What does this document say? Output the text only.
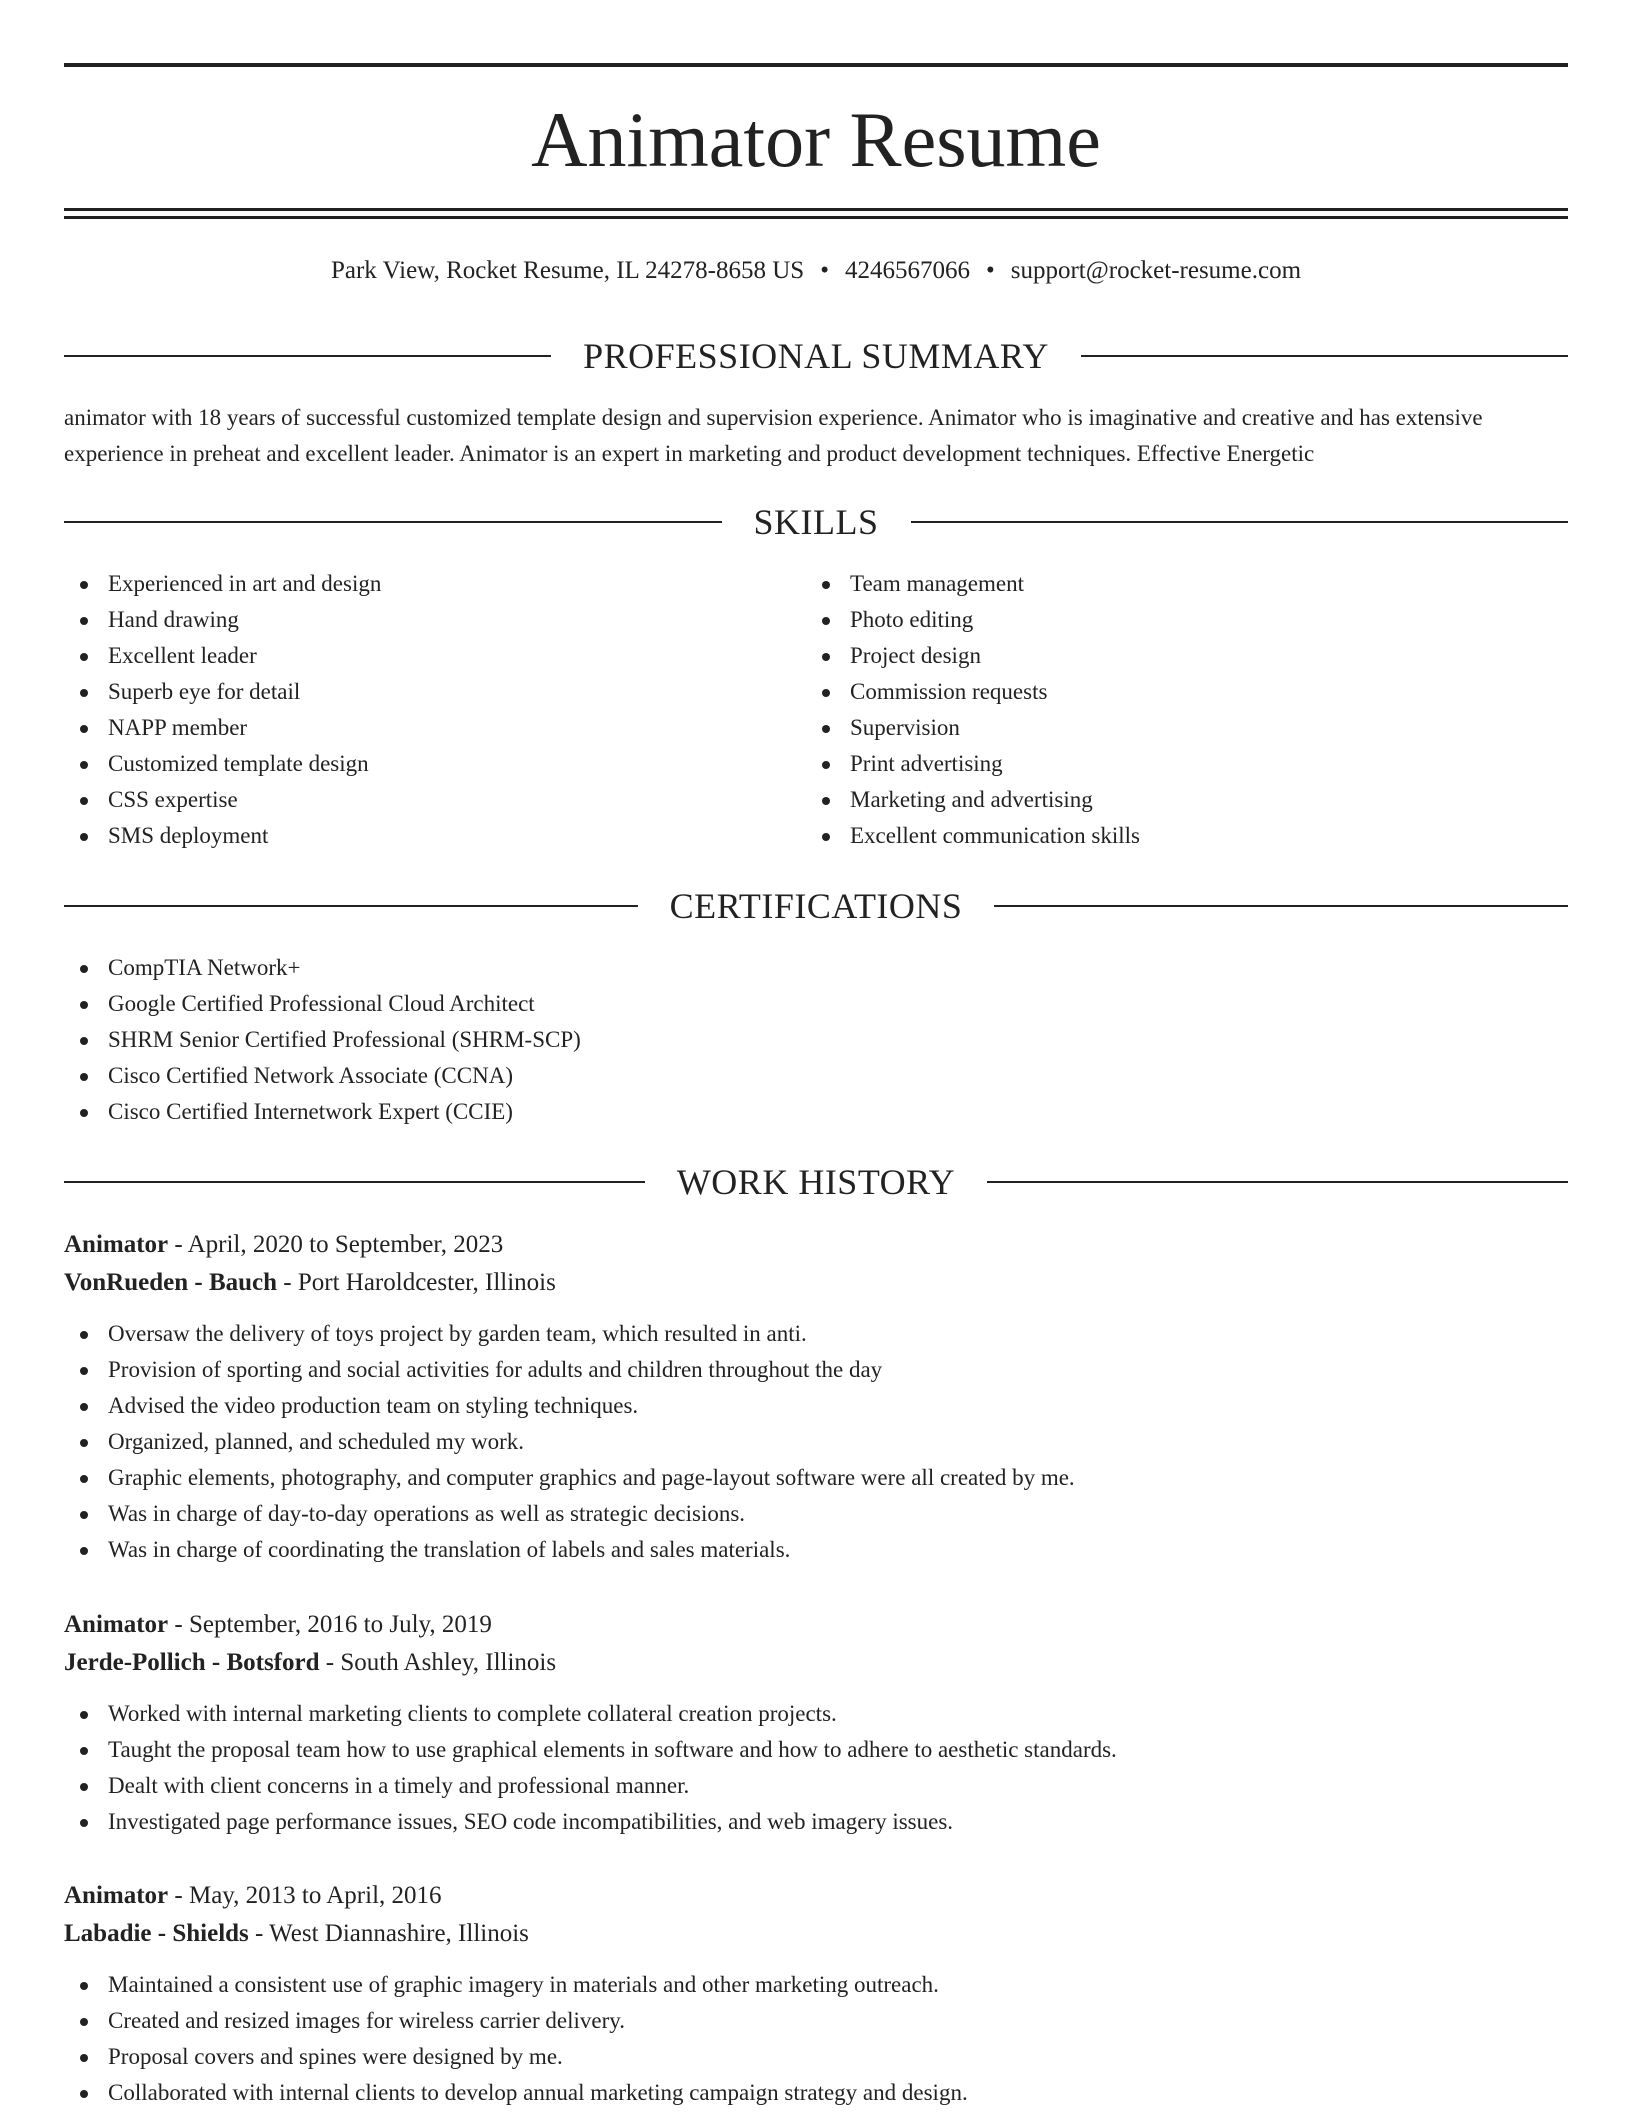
Animator Resume
Park View, Rocket Resume, IL 24278-8658 US • 4246567066 • support@rocket-resume.com
PROFESSIONAL SUMMARY

animator with 18 years of successful customized template design and supervision experience. Animator who is imaginative and creative and has extensive experience in preheat and excellent leader. Animator is an expert in marketing and product development techniques. Effective Energetic

SKILLS
Experienced in art and design
Hand drawing
Excellent leader
Superb eye for detail
NAPP member
Customized template design
CSS expertise
SMS deployment
Team management
Photo editing
Project design
Commission requests
Supervision
Print advertising
Marketing and advertising
Excellent communication skills
CERTIFICATIONS
CompTIA Network+
Google Certified Professional Cloud Architect
SHRM Senior Certified Professional (SHRM-SCP)
Cisco Certified Network Associate (CCNA)
Cisco Certified Internetwork Expert (CCIE)
WORK HISTORY
Animator - April, 2020 to September, 2023
VonRueden - Bauch - Port Haroldcester, Illinois
Oversaw the delivery of toys project by garden team, which resulted in anti.
Provision of sporting and social activities for adults and children throughout the day
Advised the video production team on styling techniques.
Organized, planned, and scheduled my work.
Graphic elements, photography, and computer graphics and page-layout software were all created by me.
Was in charge of day-to-day operations as well as strategic decisions.
Was in charge of coordinating the translation of labels and sales materials.
Animator - September, 2016 to July, 2019
Jerde-Pollich - Botsford - South Ashley, Illinois
Worked with internal marketing clients to complete collateral creation projects.
Taught the proposal team how to use graphical elements in software and how to adhere to aesthetic standards.
Dealt with client concerns in a timely and professional manner.
Investigated page performance issues, SEO code incompatibilities, and web imagery issues.
Animator - May, 2013 to April, 2016
Labadie - Shields - West Diannashire, Illinois
Maintained a consistent use of graphic imagery in materials and other marketing outreach.
Created and resized images for wireless carrier delivery.
Proposal covers and spines were designed by me.
Collaborated with internal clients to develop annual marketing campaign strategy and design.
